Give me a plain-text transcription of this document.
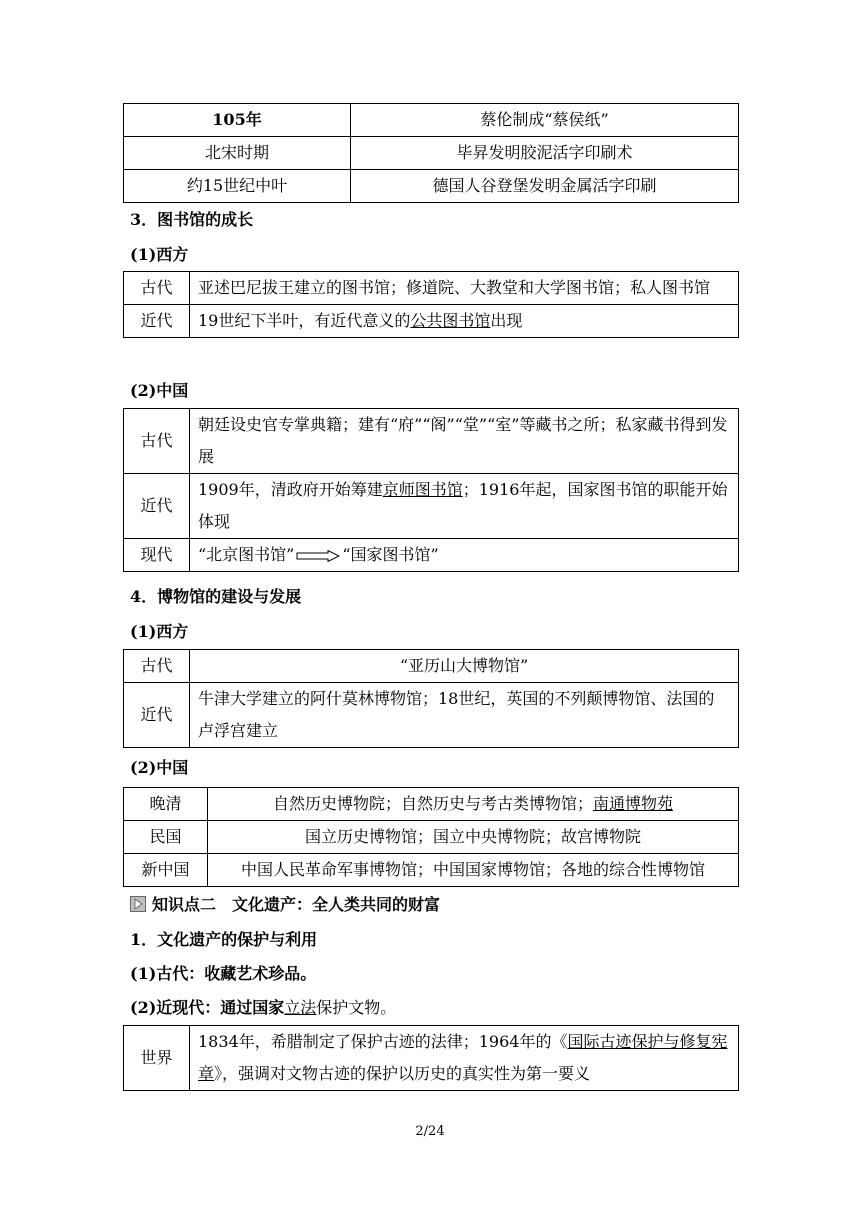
105年	蔡伦制成“蔡侯纸”
北宋时期	毕昇发明胶泥活字印刷术
约15世纪中叶	德国人谷登堡发明金属活字印刷
3．图书馆的成长
(1)西方
古代	亚述巴尼拔王建立的图书馆；修道院、大教堂和大学图书馆；私人图书馆
近代	19世纪下半叶，有近代意义的公共图书馆出现
(2)中国
古代	朝廷设史官专掌典籍；建有“府”“阁”“堂”“室”等藏书之所；私家藏书得到发展
近代	1909年，清政府开始筹建京师图书馆；1916年起，国家图书馆的职能开始体现
现代	“北京图书馆” “国家图书馆”
4．博物馆的建设与发展
(1)西方
古代	“亚历山大博物馆”
近代	牛津大学建立的阿什莫林博物馆；18世纪，英国的不列颠博物馆、法国的卢浮宫建立
(2)中国
晚清	自然历史博物院；自然历史与考古类博物馆；南通博物苑
民国	国立历史博物馆；国立中央博物院；故宫博物院
新中国	中国人民革命军事博物馆；中国国家博物馆；各地的综合性博物馆
知识点二　文化遗产：全人类共同的财富
1．文化遗产的保护与利用
(1)古代：收藏艺术珍品。
(2)近现代：通过国家立法保护文物。
世界	1834年，希腊制定了保护古迹的法律；1964年的《国际古迹保护与修复宪章》，强调对文物古迹的保护以历史的真实性为第一要义
2/24
